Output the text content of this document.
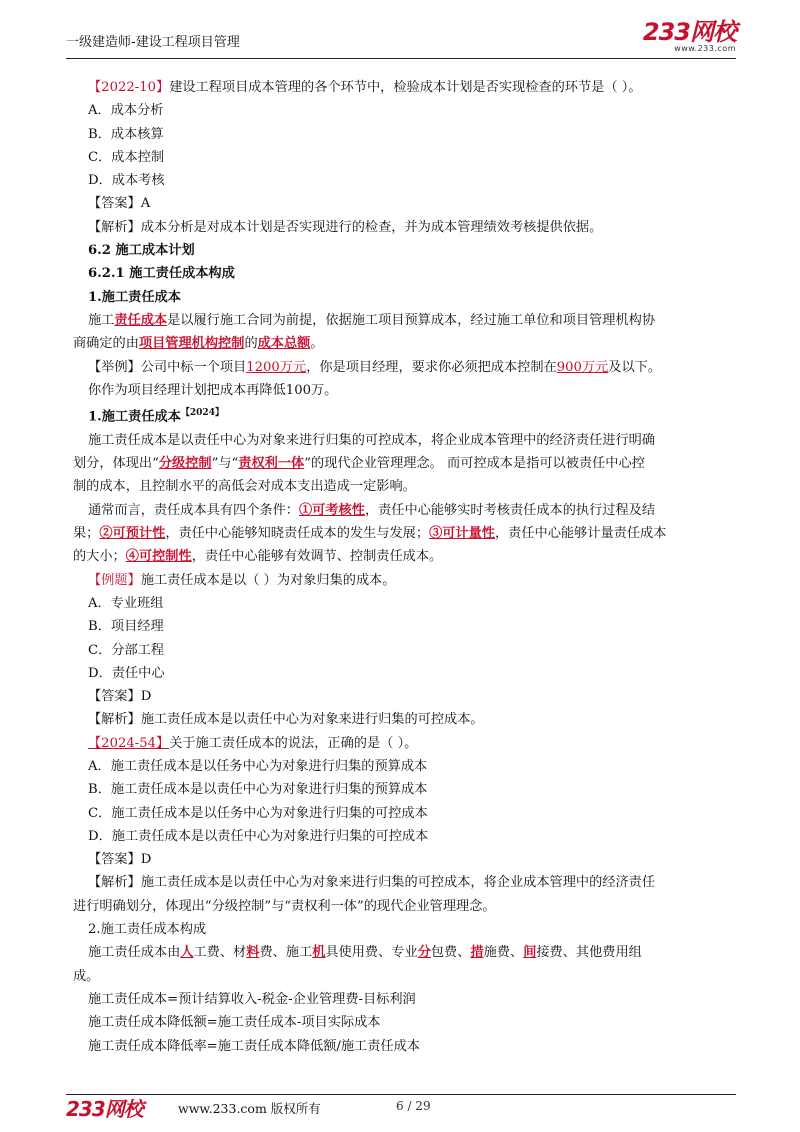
一级建造师-建设工程项目管理	233网校
www.233.com
【2022-10】建设工程项目成本管理的各个环节中，检验成本计划是否实现检查的环节是（ ）。
A．成本分析
B．成本核算
C．成本控制
D．成本考核
【答案】A
【解析】成本分析是对成本计划是否实现进行的检查，并为成本管理绩效考核提供依据。
6.2 施工成本计划
6.2.1 施工责任成本构成
1.施工责任成本
施工责任成本是以履行施工合同为前提，依据施工项目预算成本，经过施工单位和项目管理机构协
商确定的由项目管理机构控制的成本总额。
【举例】公司中标一个项目1200万元，你是项目经理，要求你必须把成本控制在900万元及以下。
你作为项目经理计划把成本再降低100万。
1.施工责任成本$^{【2024】}$
施工责任成本是以责任中心为对象来进行归集的可控成本，将企业成本管理中的经济责任进行明确
划分，体现出“分级控制”与“责权利一体”的现代企业管理理念。 而可控成本是指可以被责任中心控
制的成本，且控制水平的高低会对成本支出造成一定影响。
通常而言，责任成本具有四个条件：①可考核性，责任中心能够实时考核责任成本的执行过程及结
果；②可预计性，责任中心能够知晓责任成本的发生与发展；③可计量性，责任中心能够计量责任成本
的大小；④可控制性，责任中心能够有效调节、控制责任成本。
【例题】施工责任成本是以（ ）为对象归集的成本。
A．专业班组
B．项目经理
C．分部工程
D．责任中心
【答案】D
【解析】施工责任成本是以责任中心为对象来进行归集的可控成本。
【2024-54】关于施工责任成本的说法，正确的是（ ）。
A．施工责任成本是以任务中心为对象进行归集的预算成本
B．施工责任成本是以责任中心为对象进行归集的预算成本
C．施工责任成本是以任务中心为对象进行归集的可控成本
D．施工责任成本是以责任中心为对象进行归集的可控成本
【答案】D
【解析】施工责任成本是以责任中心为对象来进行归集的可控成本，将企业成本管理中的经济责任
进行明确划分，体现出“分级控制”与“责权利一体”的现代企业管理理念。
2.施工责任成本构成
施工责任成本由人工费、材料费、施工机具使用费、专业分包费、措施费、间接费、其他费用组
成。
施工责任成本=预计结算收入-税金-企业管理费-目标利润
施工责任成本降低额=施工责任成本-项目实际成本
施工责任成本降低率=施工责任成本降低额/施工责任成本
233网校	www.233.com 版权所有	6 / 29
